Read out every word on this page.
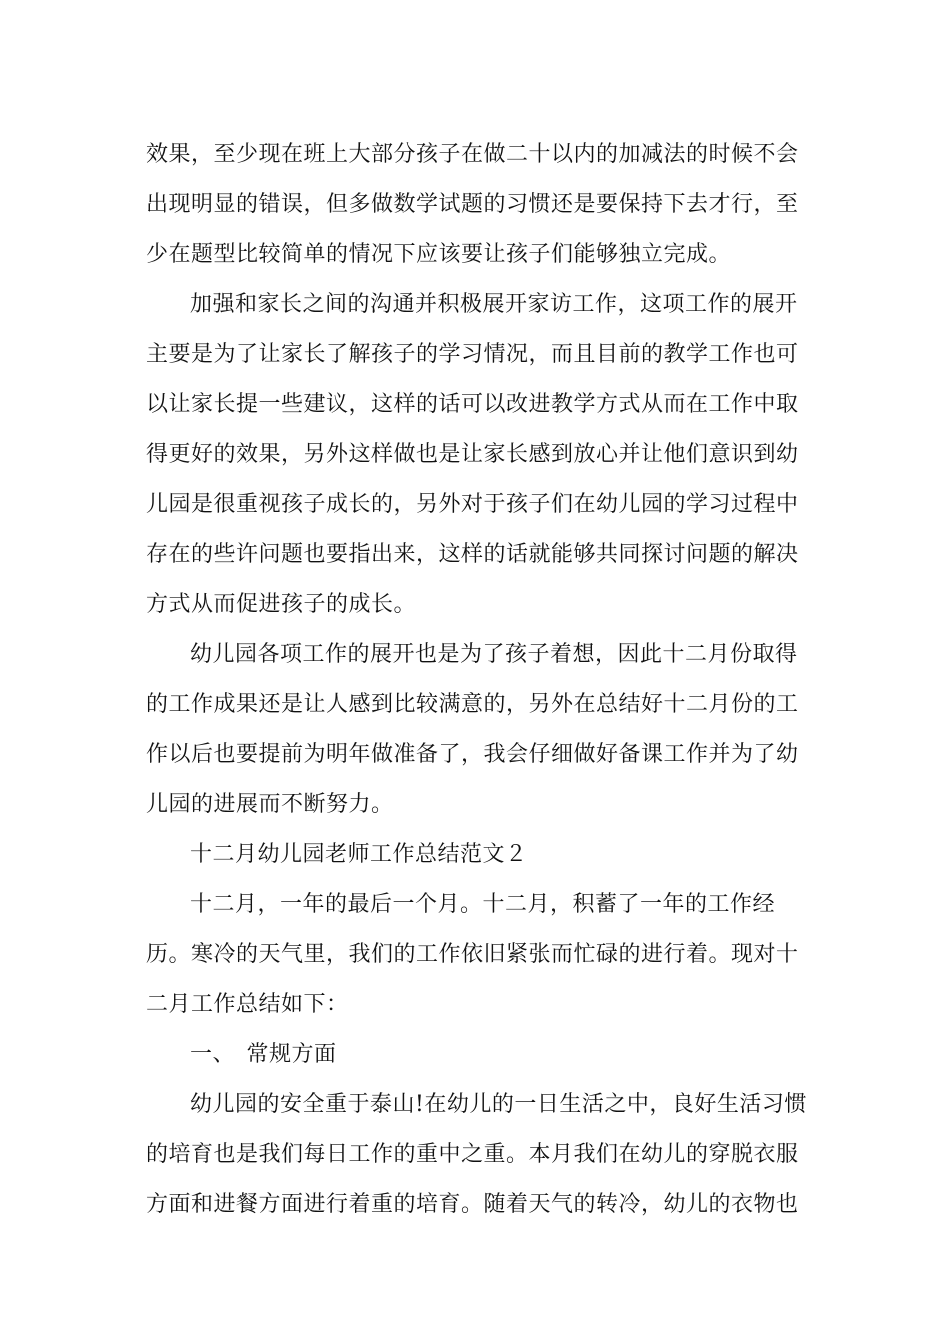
效果，至少现在班上大部分孩子在做二十以内的加减法的时候不会出现明显的错误，但多做数学试题的习惯还是要保持下去才行，至少在题型比较简单的情况下应该要让孩子们能够独立完成。

加强和家长之间的沟通并积极展开家访工作，这项工作的展开主要是为了让家长了解孩子的学习情况，而且目前的教学工作也可以让家长提一些建议，这样的话可以改进教学方式从而在工作中取得更好的效果，另外这样做也是让家长感到放心并让他们意识到幼儿园是很重视孩子成长的，另外对于孩子们在幼儿园的学习过程中存在的些许问题也要指出来，这样的话就能够共同探讨问题的解决方式从而促进孩子的成长。

幼儿园各项工作的展开也是为了孩子着想，因此十二月份取得的工作成果还是让人感到比较满意的，另外在总结好十二月份的工作以后也要提前为明年做准备了，我会仔细做好备课工作并为了幼儿园的进展而不断努力。

十二月幼儿园老师工作总结范文２

十二月，一年的最后一个月。十二月，积蓄了一年的工作经历。寒冷的天气里，我们的工作依旧紧张而忙碌的进行着。现对十二月工作总结如下：

一、　常规方面

幼儿园的安全重于泰山!在幼儿的一日生活之中，良好生活习惯的培育也是我们每日工作的重中之重。本月我们在幼儿的穿脱衣服方面和进餐方面进行着重的培育。随着天气的转冷，幼儿的衣物也
